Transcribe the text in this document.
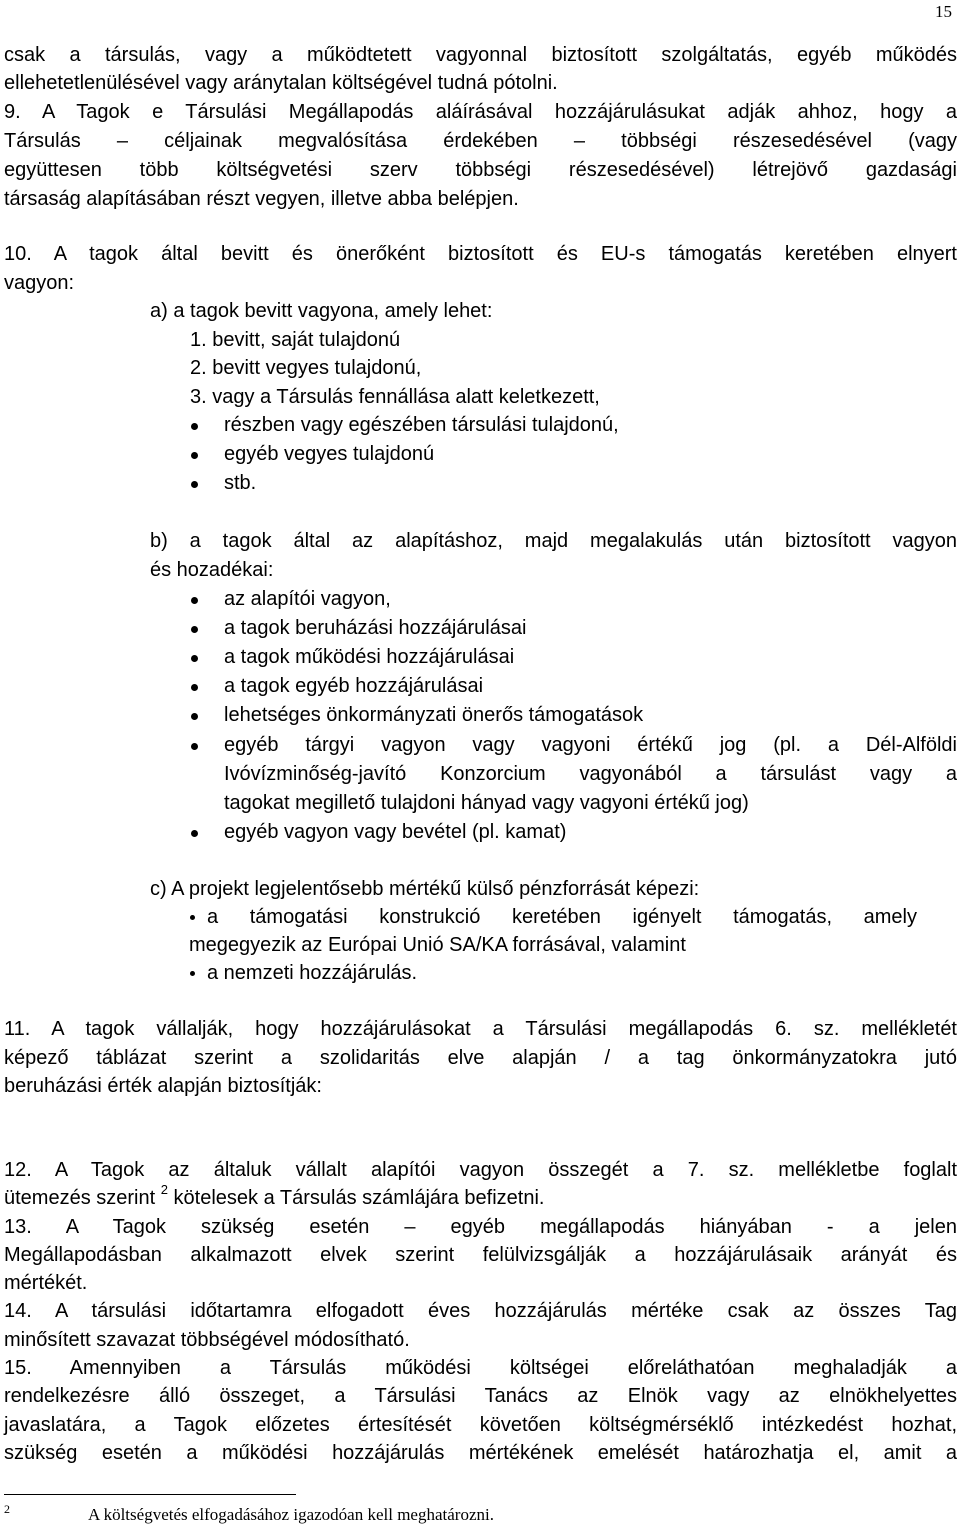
15
csak a társulás, vagy a működtetett vagyonnal biztosított szolgáltatás, egyéb működés
ellehetetlenülésével vagy aránytalan költségével tudná pótolni.
9. A Tagok e Társulási Megállapodás aláírásával hozzájárulásukat adják ahhoz, hogy a
Társulás – céljainak megvalósítása érdekében – többségi részesedésével (vagy
együttesen több költségvetési szerv többségi részesedésével) létrejövő gazdasági
társaság alapításában részt vegyen, illetve abba belépjen.
10. A tagok által bevitt és önerőként biztosított és EU-s támogatás keretében elnyert
vagyon:
a) a tagok bevitt vagyona, amely lehet:
1. bevitt, saját tulajdonú
2. bevitt vegyes tulajdonú,
3. vagy a Társulás fennállása alatt keletkezett,
részben vagy egészében társulási tulajdonú,
egyéb vegyes tulajdonú
stb.
b) a tagok által az alapításhoz, majd megalakulás után biztosított vagyon
és hozadékai:
az alapítói vagyon,
a tagok beruházási hozzájárulásai
a tagok működési hozzájárulásai
a tagok egyéb hozzájárulásai
lehetséges önkormányzati önerős támogatások
egyéb tárgyi vagyon vagy vagyoni értékű jog (pl. a Dél-Alföldi
Ivóvízminőség-javító Konzorcium vagyonából a társulást vagy a
tagokat megillető tulajdoni hányad vagy vagyoni értékű jog)
egyéb vagyon vagy bevétel (pl. kamat)
c) A projekt legjelentősebb mértékű külső pénzforrását képezi:
a támogatási konstrukció keretében igényelt támogatás, amely
megegyezik az Európai Unió SA/KA forrásával, valamint
a nemzeti hozzájárulás.
11. A tagok vállalják, hogy hozzájárulásokat a Társulási megállapodás 6. sz. mellékletét
képező táblázat szerint a szolidaritás elve alapján / a tag önkormányzatokra jutó
beruházási érték alapján biztosítják:
12. A Tagok az általuk vállalt alapítói vagyon összegét a 7. sz. mellékletbe foglalt
ütemezés szerint $^2$ kötelesek a Társulás számlájára befizetni.
13. A Tagok szükség esetén – egyéb megállapodás hiányában - a jelen
Megállapodásban alkalmazott elvek szerint felülvizsgálják a hozzájárulásaik arányát és
mértékét.
14. A társulási időtartamra elfogadott éves hozzájárulás mértéke csak az összes Tag
minősített szavazat többségével módosítható.
15. Amennyiben a Társulás működési költségei előreláthatóan meghaladják a
rendelkezésre álló összeget, a Társulási Tanács az Elnök vagy az elnökhelyettes
javaslatára, a Tagok előzetes értesítését követően költségmérséklő intézkedést hozhat,
szükség esetén a működési hozzájárulás mértékének emelését határozhatja el, amit a
2	A költségvetés elfogadásához igazodóan kell meghatározni.
